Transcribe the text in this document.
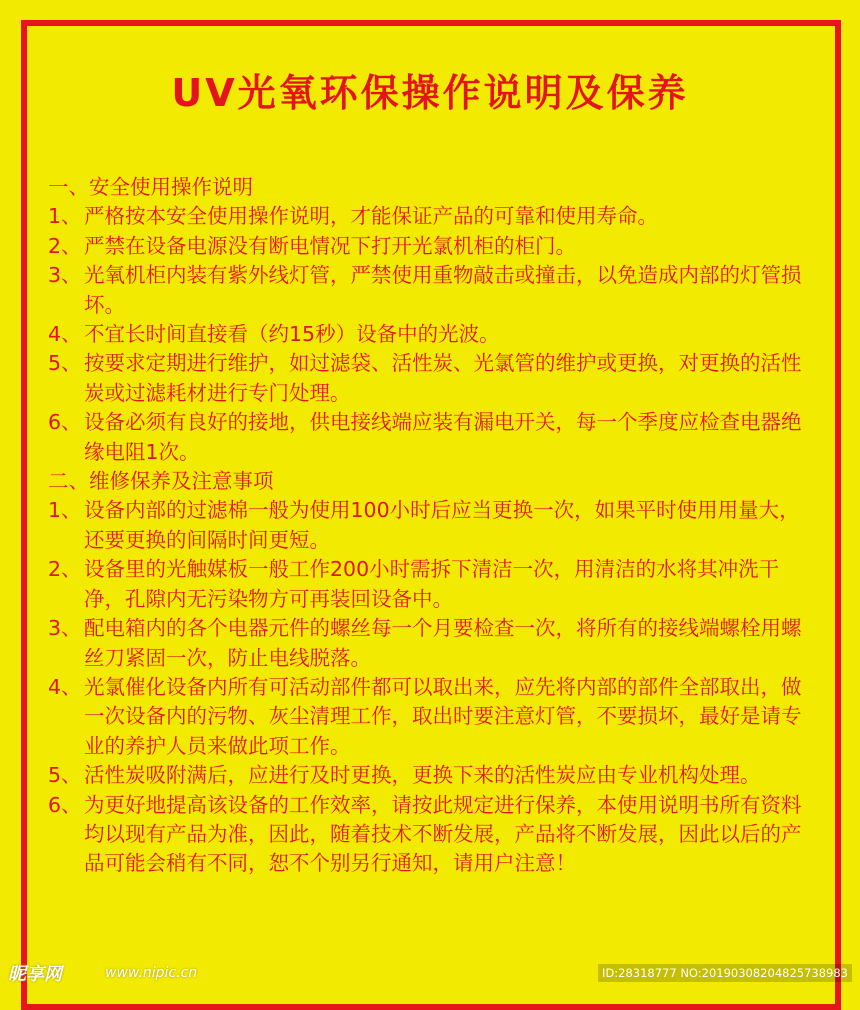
UV光氧环保操作说明及保养
一、安全使用操作说明
1、 严格按本安全使用操作说明，才能保证产品的可靠和使用寿命。
2、 严禁在设备电源没有断电情况下打开光氯机柜的柜门。
3、 光氧机柜内装有紫外线灯管，严禁使用重物敲击或撞击，以免造成内部的灯管损坏。
4、 不宜长时间直接看（约15秒）设备中的光波。
5、 按要求定期进行维护，如过滤袋、活性炭、光氯管的维护或更换，对更换的活性炭或过滤耗材进行专门处理。
6、 设备必须有良好的接地，供电接线端应装有漏电开关，每一个季度应检查电器绝缘电阻1次。
二、维修保养及注意事项
1、 设备内部的过滤棉一般为使用100小时后应当更换一次，如果平时使用用量大，还要更换的间隔时间更短。
2、 设备里的光触媒板一般工作200小时需拆下清洁一次，用清洁的水将其冲洗干净，孔隙内无污染物方可再装回设备中。
3、 配电箱内的各个电器元件的螺丝每一个月要检查一次，将所有的接线端螺栓用螺丝刀紧固一次，防止电线脱落。
4、 光氯催化设备内所有可活动部件都可以取出来，应先将内部的部件全部取出，做一次设备内的污物、灰尘清理工作，取出时要注意灯管，不要损坏，最好是请专业的养护人员来做此项工作。
5、 活性炭吸附满后，应进行及时更换，更换下来的活性炭应由专业机构处理。
6、 为更好地提高该设备的工作效率，请按此规定进行保养，本使用说明书所有资料均以现有产品为准，因此，随着技术不断发展，产品将不断发展，因此以后的产品可能会稍有不同，恕不个别另行通知，请用户注意！
昵享网	www.nipic.cn	ID:28318777 NO:20190308204825738983
